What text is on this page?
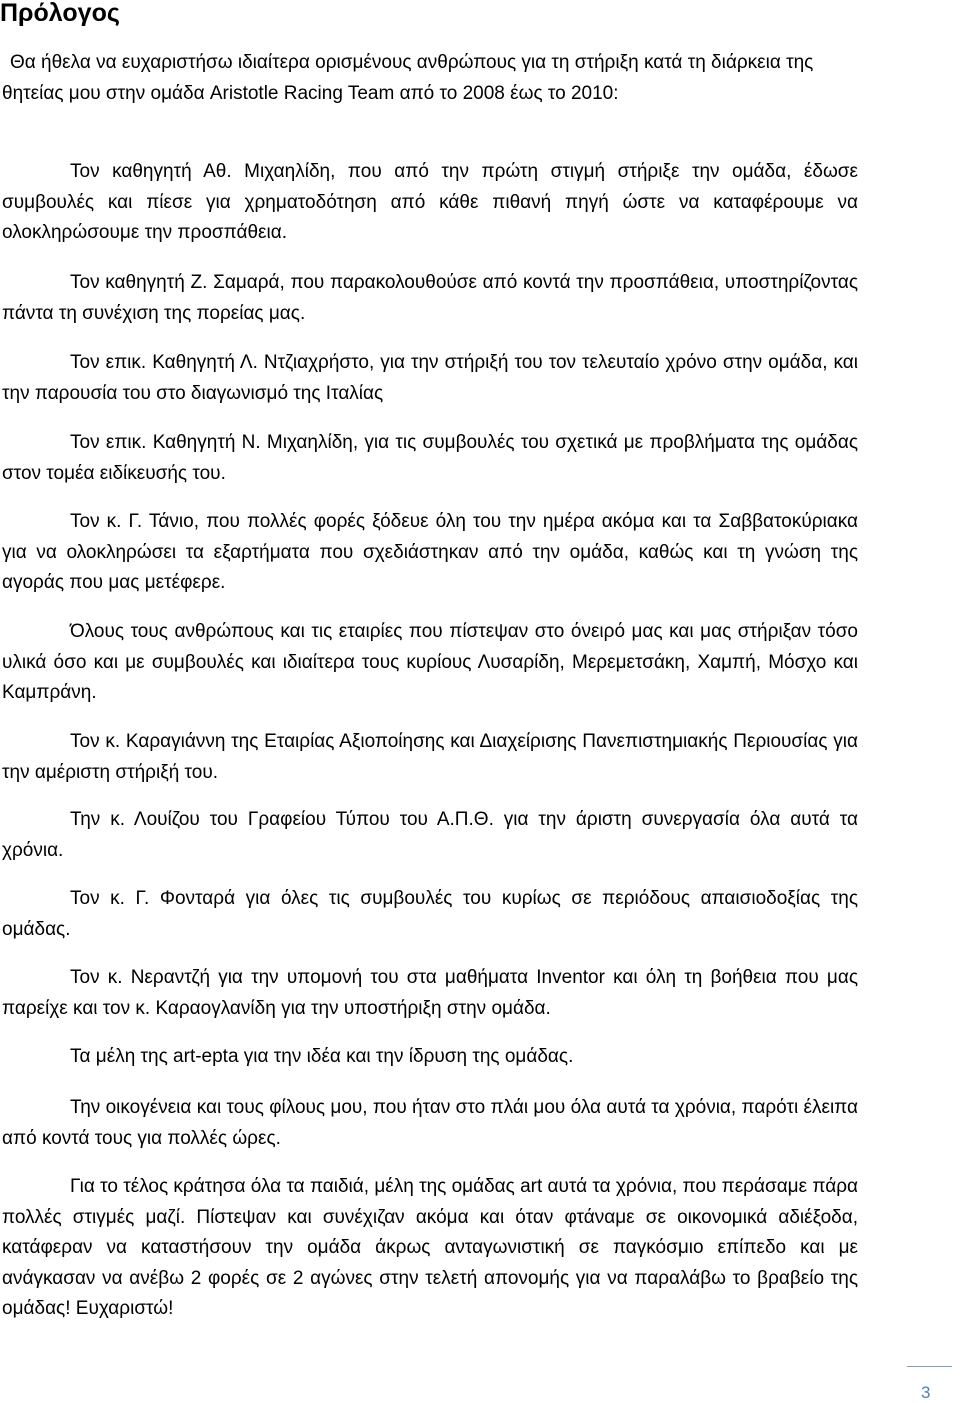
Πρόλογος

Θα ήθελα να ευχαριστήσω ιδιαίτερα ορισμένους ανθρώπους για τη στήριξη κατά τη διάρκεια της θητείας μου στην ομάδα Aristotle Racing Team από το 2008 έως το 2010:

Τον καθηγητή Αθ. Μιχαηλίδη, που από την πρώτη στιγμή στήριξε την ομάδα, έδωσε συμβουλές και πίεσε για χρηματοδότηση από κάθε πιθανή πηγή ώστε να καταφέρουμε να ολοκληρώσουμε την προσπάθεια.

Τον καθηγητή Ζ. Σαμαρά, που παρακολουθούσε από κοντά την προσπάθεια, υποστηρίζοντας πάντα τη συνέχιση της πορείας μας.

Τον επικ. Καθηγητή Λ. Ντζιαχρήστο, για την στήριξή του τον τελευταίο χρόνο στην ομάδα, και την παρουσία του στο διαγωνισμό της Ιταλίας

Τον επικ. Καθηγητή Ν. Μιχαηλίδη, για τις συμβουλές του σχετικά με προβλήματα της ομάδας στον τομέα ειδίκευσής του.

Τον κ. Γ. Τάνιο, που πολλές φορές ξόδευε όλη του την ημέρα ακόμα και τα Σαββατοκύριακα για να ολοκληρώσει τα εξαρτήματα που σχεδιάστηκαν από την ομάδα, καθώς και τη γνώση της αγοράς που μας μετέφερε.

Όλους τους ανθρώπους και τις εταιρίες που πίστεψαν στο όνειρό μας και μας στήριξαν τόσο υλικά όσο και με συμβουλές και ιδιαίτερα τους κυρίους Λυσαρίδη, Μερεμετσάκη, Χαμπή, Μόσχο και Καμπράνη.

Τον κ. Καραγιάννη της Εταιρίας Αξιοποίησης και Διαχείρισης Πανεπιστημιακής Περιουσίας για την αμέριστη στήριξή του.

Την κ. Λουίζου του Γραφείου Τύπου του Α.Π.Θ. για την άριστη συνεργασία όλα αυτά τα χρόνια.

Τον κ. Γ. Φονταρά για όλες τις συμβουλές του κυρίως σε περιόδους απαισιοδοξίας της ομάδας.

Τον κ. Νεραντζή για την υπομονή του στα μαθήματα Inventor και όλη τη βοήθεια που μας παρείχε και τον κ. Καραογλανίδη για την υποστήριξη στην ομάδα.

Τα μέλη της art-epta για την ιδέα και την ίδρυση της ομάδας.

Την οικογένεια και τους φίλους μου, που ήταν στο πλάι μου όλα αυτά τα χρόνια, παρότι έλειπα από κοντά τους για πολλές ώρες.

Για το τέλος κράτησα όλα τα παιδιά, μέλη της ομάδας art αυτά τα χρόνια, που περάσαμε πάρα πολλές στιγμές μαζί. Πίστεψαν και συνέχιζαν ακόμα και όταν φτάναμε σε οικονομικά αδιέξοδα, κατάφεραν να καταστήσουν την ομάδα άκρως ανταγωνιστική σε παγκόσμιο επίπεδο και με ανάγκασαν να ανέβω 2 φορές σε 2 αγώνες στην τελετή απονομής για να παραλάβω το βραβείο της ομάδας! Ευχαριστώ!

3
